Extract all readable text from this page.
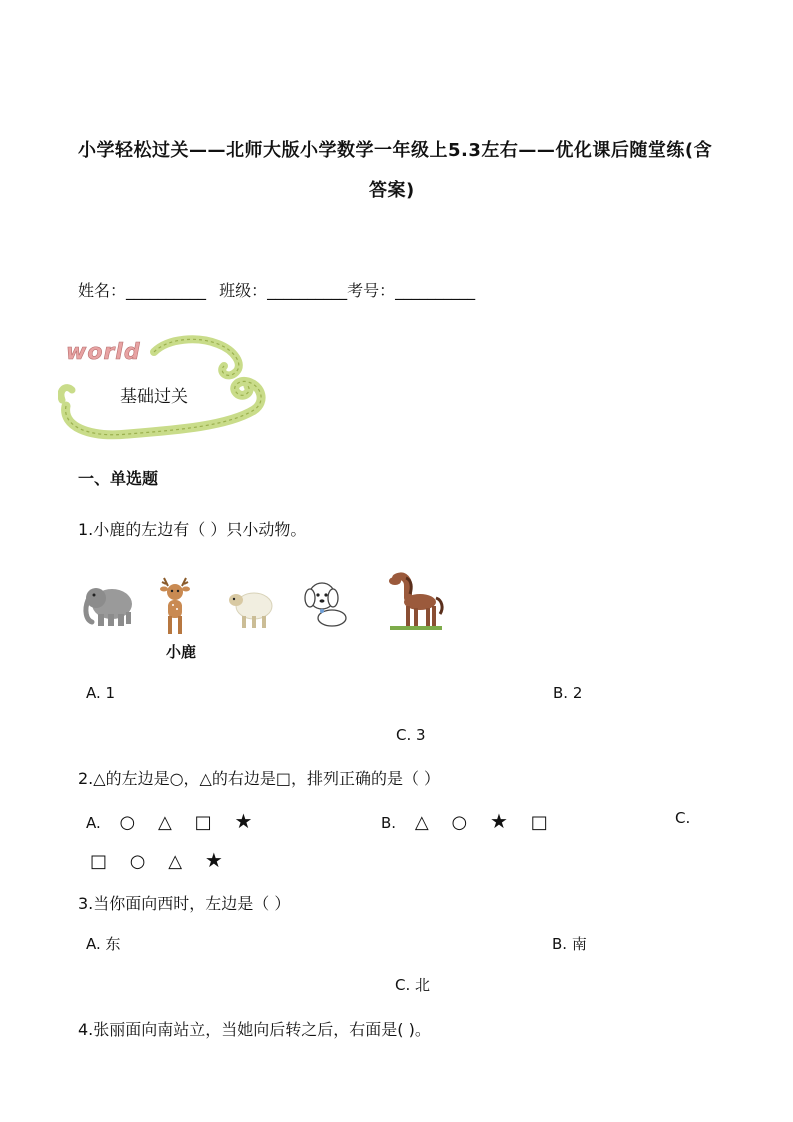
小学轻松过关——北师大版小学数学一年级上5.3左右——优化课后随堂练(含
答案)
姓名：__________ 班级：__________考号：__________
world
基础过关
一、单选题
1.小鹿的左边有（ ）只小动物。
小鹿
A. 1	B. 2
C. 3
2.△的左边是○，△的右边是□，排列正确的是（ ）
A. ○ △ □ ★	B. △ ○ ★ □	C.
□ ○ △ ★
3.当你面向西时，左边是（ ）
A. 东	B. 南
C. 北
4.张丽面向南站立，当她向后转之后，右面是( )。
